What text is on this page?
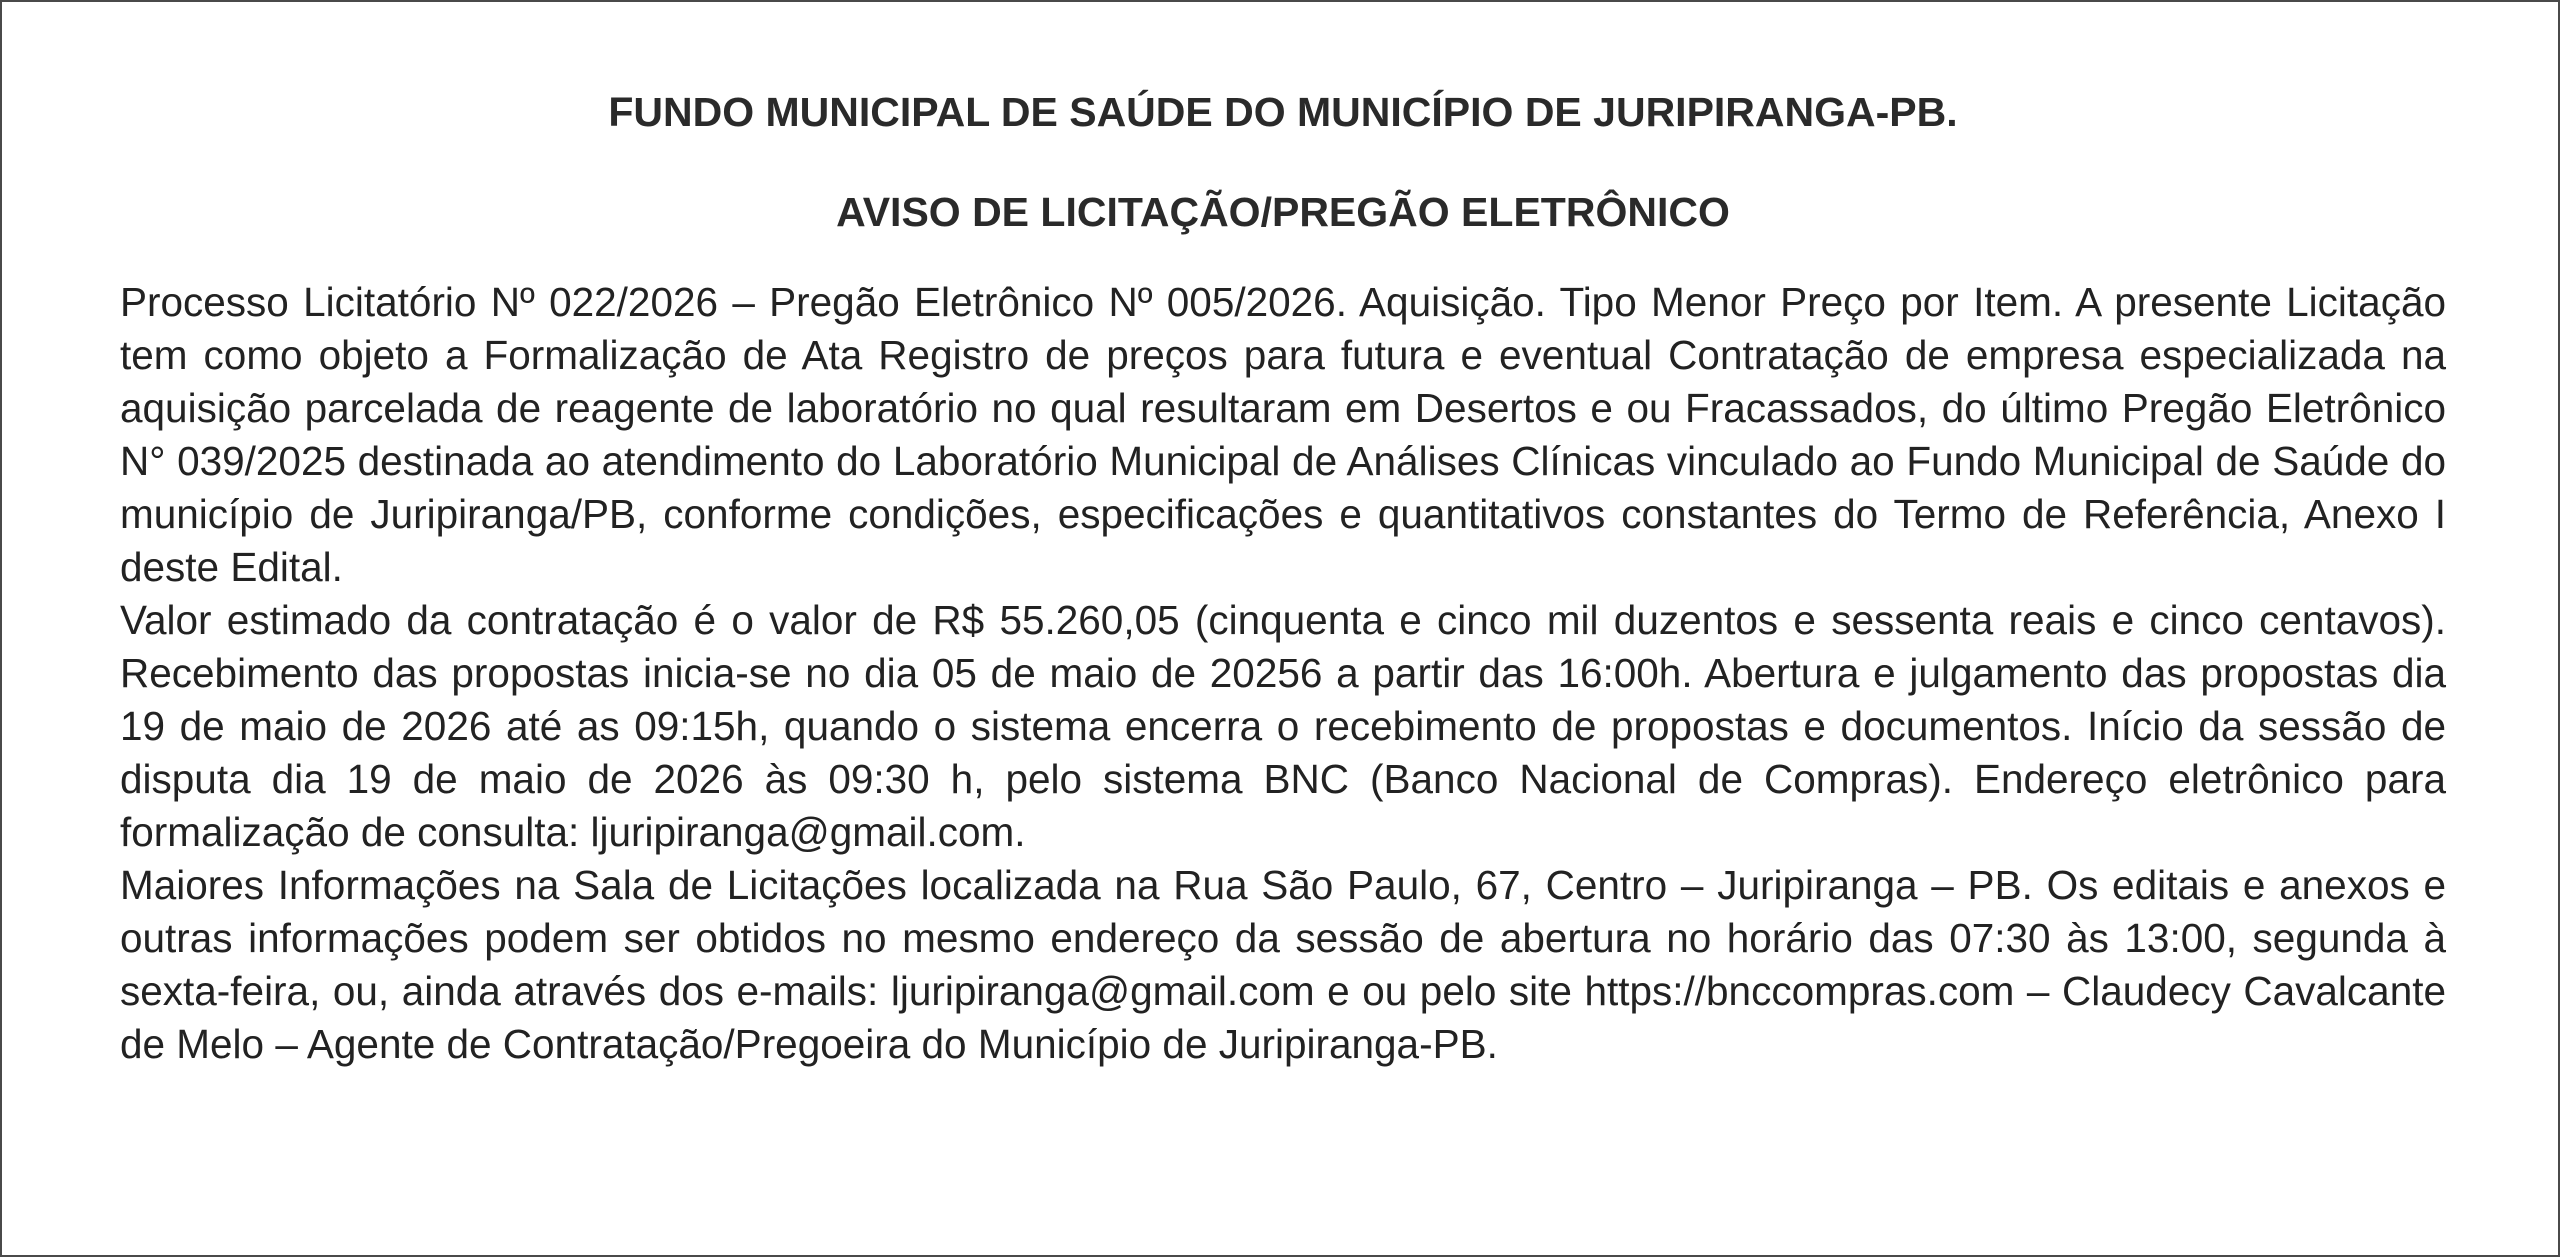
FUNDO MUNICIPAL DE SAÚDE DO MUNICÍPIO DE JURIPIRANGA-PB.
AVISO DE LICITAÇÃO/PREGÃO ELETRÔNICO

Processo Licitatório Nº 022/2026 – Pregão Eletrônico Nº 005/2026. Aquisição. Tipo Menor Preço por Item. A presente Licitação tem como objeto a Formalização de Ata Registro de preços para futura e eventual Contratação de empresa especializada na aquisição parcelada de reagente de laboratório no qual resultaram em Desertos e ou Fracassados, do último Pregão Eletrônico N° 039/2025 destinada ao atendimento do Laboratório Municipal de Análises Clínicas vinculado ao Fundo Municipal de Saúde do município de Juripiranga/PB, conforme condições, especificações e quantitativos constantes do Termo de Referência, Anexo I deste Edital.

Valor estimado da contratação é o valor de R$ 55.260,05 (cinquenta e cinco mil duzentos e sessenta reais e cinco centavos). Recebimento das propostas inicia-se no dia 05 de maio de 20256 a partir das 16:00h. Abertura e julgamento das propostas dia 19 de maio de 2026 até as 09:15h, quando o sistema encerra o recebimento de propostas e documentos. Início da sessão de disputa dia 19 de maio de 2026 às 09:30 h, pelo sistema BNC (Banco Nacional de Compras). Endereço eletrônico para formalização de consulta: ljuripiranga@gmail.com.

Maiores Informações na Sala de Licitações localizada na Rua São Paulo, 67, Centro – Juripiranga – PB. Os editais e anexos e outras informações podem ser obtidos no mesmo endereço da sessão de abertura no horário das 07:30 às 13:00, segunda à sexta-feira, ou, ainda através dos e-mails: ljuripiranga@gmail.com e ou pelo site https://bnccompras.com – Claudecy Cavalcante de Melo – Agente de Contratação/Pregoeira do Município de Juripiranga-PB.
